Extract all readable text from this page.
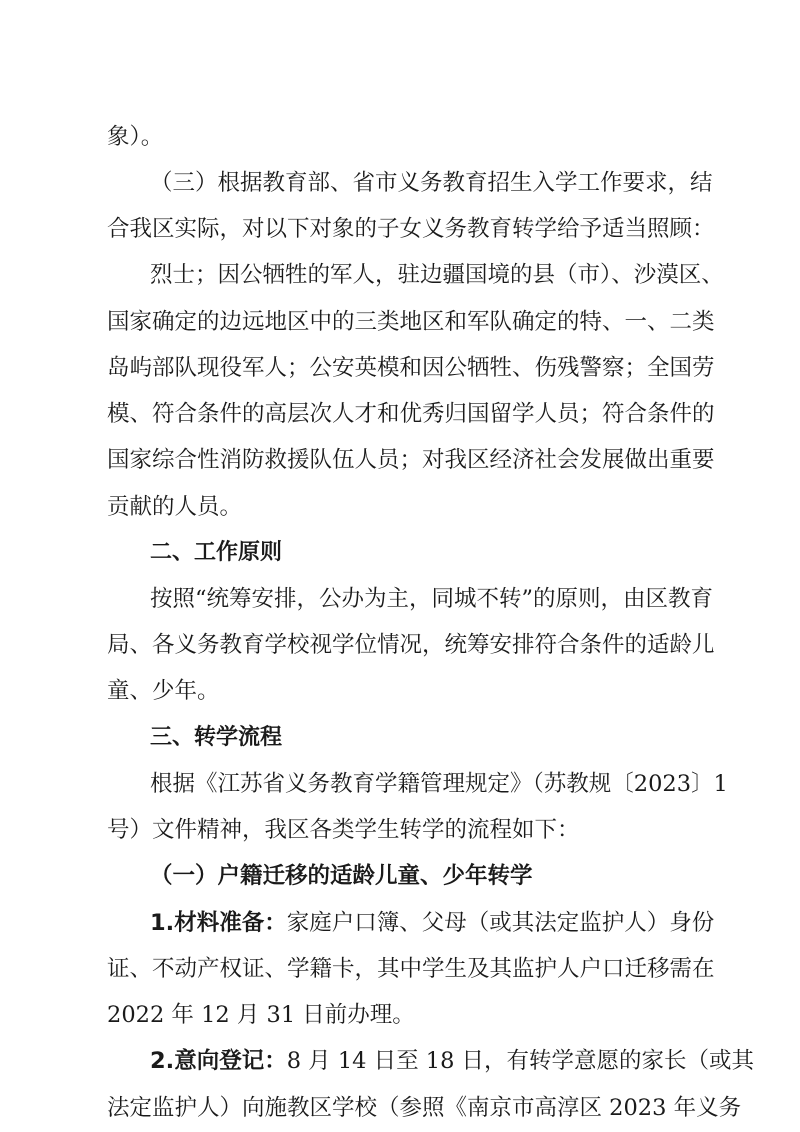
象）。
（三）根据教育部、省市义务教育招生入学工作要求，结
合我区实际，对以下对象的子女义务教育转学给予适当照顾：
烈士；因公牺牲的军人，驻边疆国境的县（市）、沙漠区、
国家确定的边远地区中的三类地区和军队确定的特、一、二类
岛屿部队现役军人；公安英模和因公牺牲、伤残警察；全国劳
模、符合条件的高层次人才和优秀归国留学人员；符合条件的
国家综合性消防救援队伍人员；对我区经济社会发展做出重要
贡献的人员。
二、工作原则
按照“统筹安排，公办为主，同城不转”的原则，由区教育
局、各义务教育学校视学位情况，统筹安排符合条件的适龄儿
童、少年。
三、转学流程
根据《江苏省义务教育学籍管理规定》（苏教规〔2023〕1
号）文件精神，我区各类学生转学的流程如下：
（一）户籍迁移的适龄儿童、少年转学
1.材料准备：家庭户口簿、父母（或其法定监护人）身份
证、不动产权证、学籍卡，其中学生及其监护人户口迁移需在
2022 年 12 月 31 日前办理。
2.意向登记：8 月 14 日至 18 日，有转学意愿的家长（或其
法定监护人）向施教区学校（参照《南京市高淳区 2023 年义务
